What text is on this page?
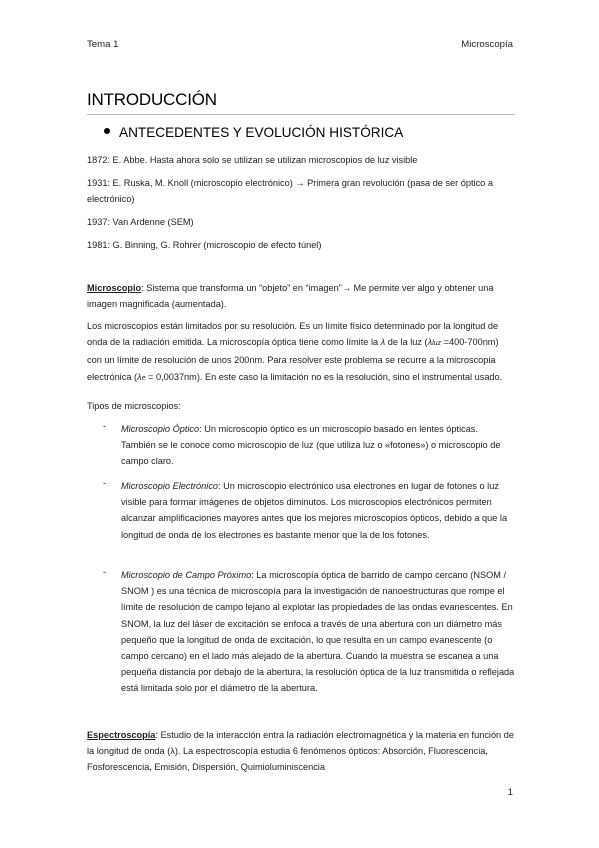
Tema 1	Microscopía
INTRODUCCIÓN
ANTECEDENTES Y EVOLUCIÓN HISTÓRICA
1872: E. Abbe. Hasta ahora solo se utilizan se utilizan microscopios de luz visible
1931: E. Ruska, M. Knoll (microscopio electrónico) → Primera gran revolución (pasa de ser óptico a electrónico)
1937: Van Ardenne (SEM)
1981: G. Binning, G. Rohrer (microscopio de efecto túnel)
Microscopio: Sistema que transforma un “objeto” en “imagen”→ Me permite ver algo y obtener una imagen magnificada (aumentada).
Los microscopios están limitados por su resolución. Es un límite físico determinado por la longitud de onda de la radiación emitida. La microscopía óptica tiene como límite la λ de la luz (λluz =400-700nm) con un límite de resolución de unos 200nm. Para resolver este problema se recurre a la microscopia electrónica (λe = 0,0037nm). En este caso la limitación no es la resolución, sino el instrumental usado.
Tipos de microscopios:
- Microscopio Óptico: Un microscopio óptico es un microscopio basado en lentes ópticas. También se le conoce como microscopio de luz (que utiliza luz o «fotones») o microscopio de campo claro.
- Microscopio Electrónico: Un microscopio electrónico usa electrones en lugar de fotones o luz visible para formar imágenes de objetos diminutos. Los microscopios electrónicos permiten alcanzar amplificaciones mayores antes que los mejores microscopios ópticos, debido a que la longitud de onda de los electrones es bastante menor que la de los fotones.
- Microscopio de Campo Próximo: La microscopía óptica de barrido de campo cercano (NSOM / SNOM ) es una técnica de microscopía para la investigación de nanoestructuras que rompe el límite de resolución de campo lejano al explotar las propiedades de las ondas evanescentes. En SNOM, la luz del láser de excitación se enfoca a través de una abertura con un diámetro más pequeño que la longitud de onda de excitación, lo que resulta en un campo evanescente (o campo cercano) en el lado más alejado de la abertura. Cuando la muestra se escanea a una pequeña distancia por debajo de la abertura, la resolución óptica de la luz transmitida o reflejada está limitada solo por el diámetro de la abertura.
Espectroscopía: Estudio de la interacción entra la radiación electromagnética y la materia en función de la longitud de onda (λ). La espectroscopía estudia 6 fenómenos ópticos: Absorción, Fluorescencia, Fosforescencia, Emisión, Dispersión, Quimioluminiscencia
1
